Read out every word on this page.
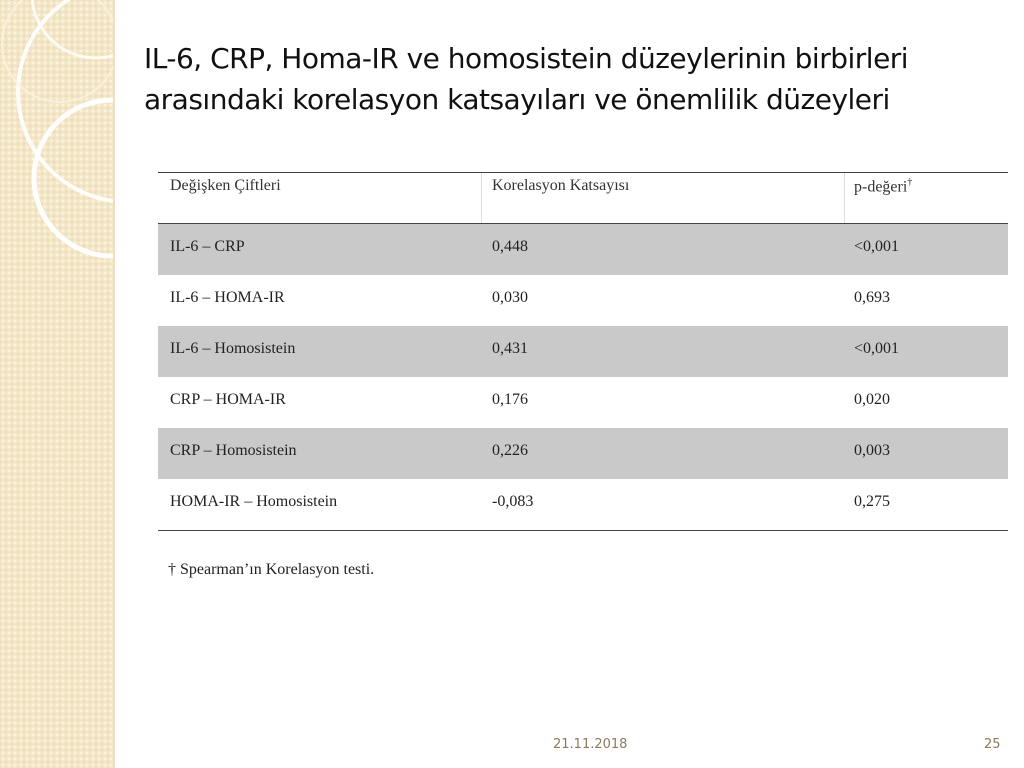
IL-6, CRP, Homa-IR ve homosistein düzeylerinin birbirleri
arasındaki korelasyon katsayıları ve önemlilik düzeyleri
Değişken Çiftleri	Korelasyon Katsayısı	p-değeri†
IL-6 – CRP	0,448	<0,001
IL-6 – HOMA-IR	0,030	0,693
IL-6 – Homosistein	0,431	<0,001
CRP – HOMA-IR	0,176	0,020
CRP – Homosistein	0,226	0,003
HOMA-IR – Homosistein	-0,083	0,275
† Spearman’ın Korelasyon testi.
21.11.2018	25
